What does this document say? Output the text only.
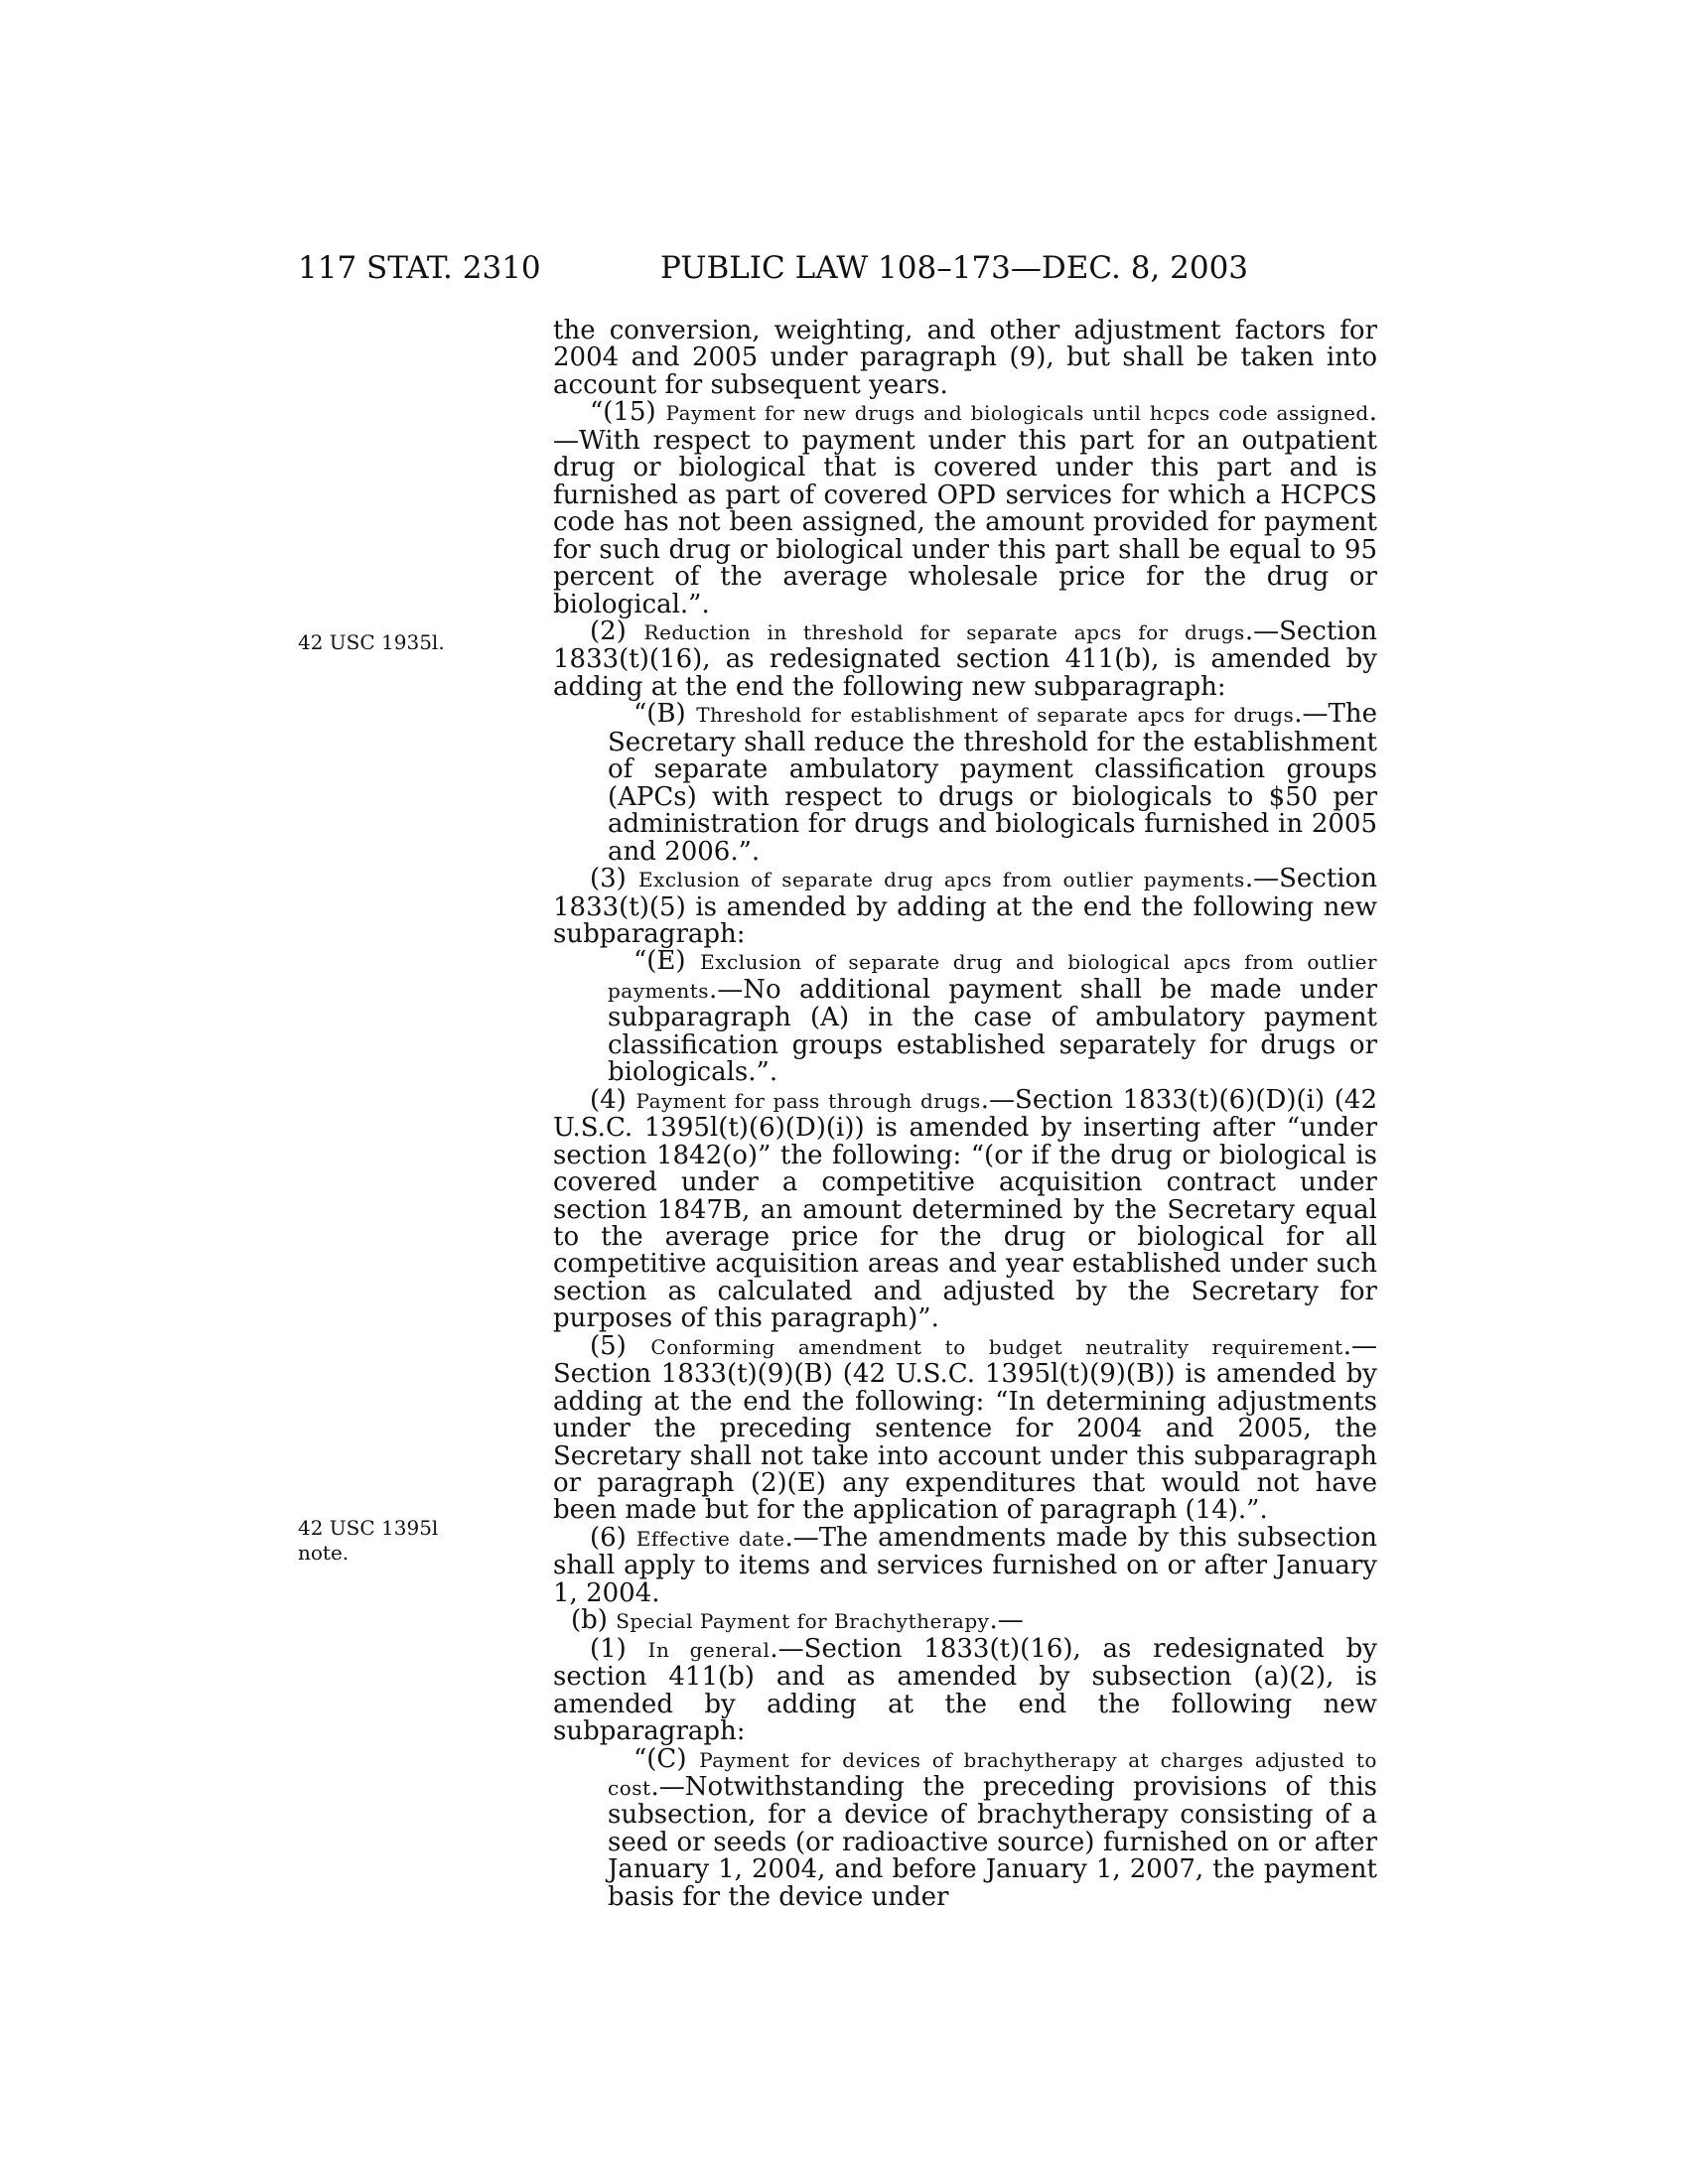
117 STAT. 2310	PUBLIC LAW 108–173—DEC. 8, 2003
42 USC 1935l.
42 USC 1395l
note.

the conversion, weighting, and other adjustment factors for 2004 and 2005 under paragraph (9), but shall be taken into account for subsequent years.

“(15) Payment for new drugs and biologicals until hcpcs code assigned.—With respect to payment under this part for an outpatient drug or biological that is covered under this part and is furnished as part of covered OPD services for which a HCPCS code has not been assigned, the amount provided for payment for such drug or biological under this part shall be equal to 95 percent of the average wholesale price for the drug or biological.”.

(2) Reduction in threshold for separate apcs for drugs.—Section 1833(t)(16), as redesignated section 411(b), is amended by adding at the end the following new subparagraph:

“(B) Threshold for establishment of separate apcs for drugs.—The Secretary shall reduce the threshold for the establishment of separate ambulatory payment classification groups (APCs) with respect to drugs or biologicals to $50 per administration for drugs and biologicals furnished in 2005 and 2006.”.

(3) Exclusion of separate drug apcs from outlier payments.—Section 1833(t)(5) is amended by adding at the end the following new subparagraph:

“(E) Exclusion of separate drug and biological apcs from outlier payments.—No additional payment shall be made under subparagraph (A) in the case of ambulatory payment classification groups established separately for drugs or biologicals.”.

(4) Payment for pass through drugs.—Section 1833(t)(6)(D)(i) (42 U.S.C. 1395l(t)(6)(D)(i)) is amended by inserting after “under section 1842(o)” the following: “(or if the drug or biological is covered under a competitive acquisition contract under section 1847B, an amount determined by the Secretary equal to the average price for the drug or biological for all competitive acquisition areas and year established under such section as calculated and adjusted by the Secretary for purposes of this paragraph)”.

(5) Conforming amendment to budget neutrality requirement.—Section 1833(t)(9)(B) (42 U.S.C. 1395l(t)(9)(B)) is amended by adding at the end the following: “In determining adjustments under the preceding sentence for 2004 and 2005, the Secretary shall not take into account under this subparagraph or paragraph (2)(E) any expenditures that would not have been made but for the application of paragraph (14).”.

(6) Effective date.—The amendments made by this subsection shall apply to items and services furnished on or after January 1, 2004.

(b) Special Payment for Brachytherapy.—

(1) In general.—Section 1833(t)(16), as redesignated by section 411(b) and as amended by subsection (a)(2), is amended by adding at the end the following new subparagraph:

“(C) Payment for devices of brachytherapy at charges adjusted to cost.—Notwithstanding the preceding provisions of this subsection, for a device of brachytherapy consisting of a seed or seeds (or radioactive source) furnished on or after January 1, 2004, and before January 1, 2007, the payment basis for the device under
